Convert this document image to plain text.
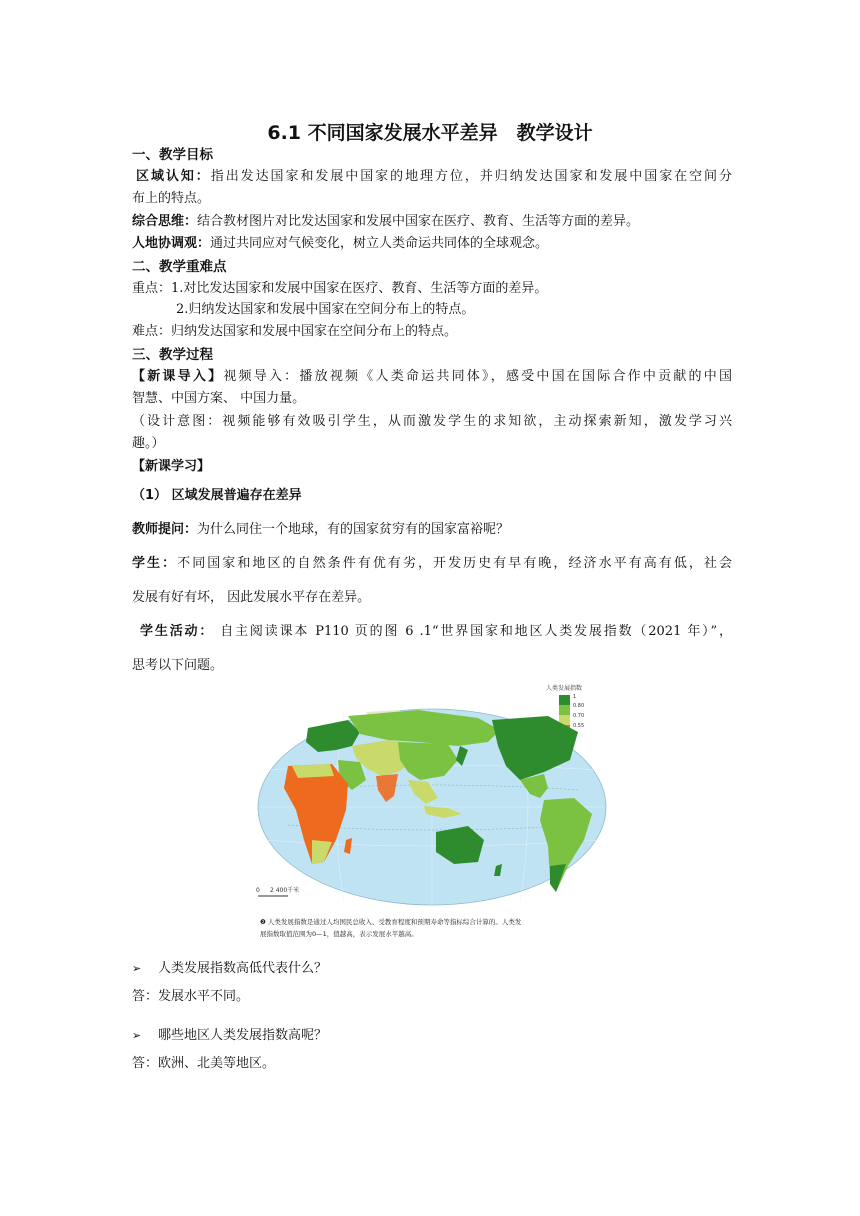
6.1 不同国家发展水平差异　教学设计
一、教学目标
区域认知：指出发达国家和发展中国家的地理方位，并归纳发达国家和发展中国家在空间分
布上的特点。
综合思维：结合教材图片对比发达国家和发展中国家在医疗、教育、生活等方面的差异。
人地协调观：通过共同应对气候变化，树立人类命运共同体的全球观念。
二、教学重难点
重点：1.对比发达国家和发展中国家在医疗、教育、生活等方面的差异。
2.归纳发达国家和发展中国家在空间分布上的特点。
难点：归纳发达国家和发展中国家在空间分布上的特点。
三、教学过程
【新课导入】视频导入：播放视频《人类命运共同体》，感受中国在国际合作中贡献的中国
智慧、中国方案、 中国力量。
（设计意图：视频能够有效吸引学生，从而激发学生的求知欲，主动探索新知，激发学习兴
趣。）
【新课学习】
（1） 区域发展普遍存在差异
教师提问：为什么同住一个地球，有的国家贫穷有的国家富裕呢？
学生：不同国家和地区的自然条件有优有劣，开发历史有早有晚，经济水平有高有低，社会
发展有好有坏， 因此发展水平存在差异。
学生活动： 自主阅读课本 P110 页的图 6 .1“世界国家和地区人类发展指数（2021 年）”，
思考以下问题。
人类发展指数
1
0.80
0.70
0.55
0 2 400千米
❷ 人类发展指数是通过人均国民总收入、受教育程度和预期寿命等指标综合计算的。人类发
展指数取值范围为0—1，值越高，表示发展水平越高。
➢ 人类发展指数高低代表什么？
答：发展水平不同。
➢ 哪些地区人类发展指数高呢？
答：欧洲、北美等地区。
